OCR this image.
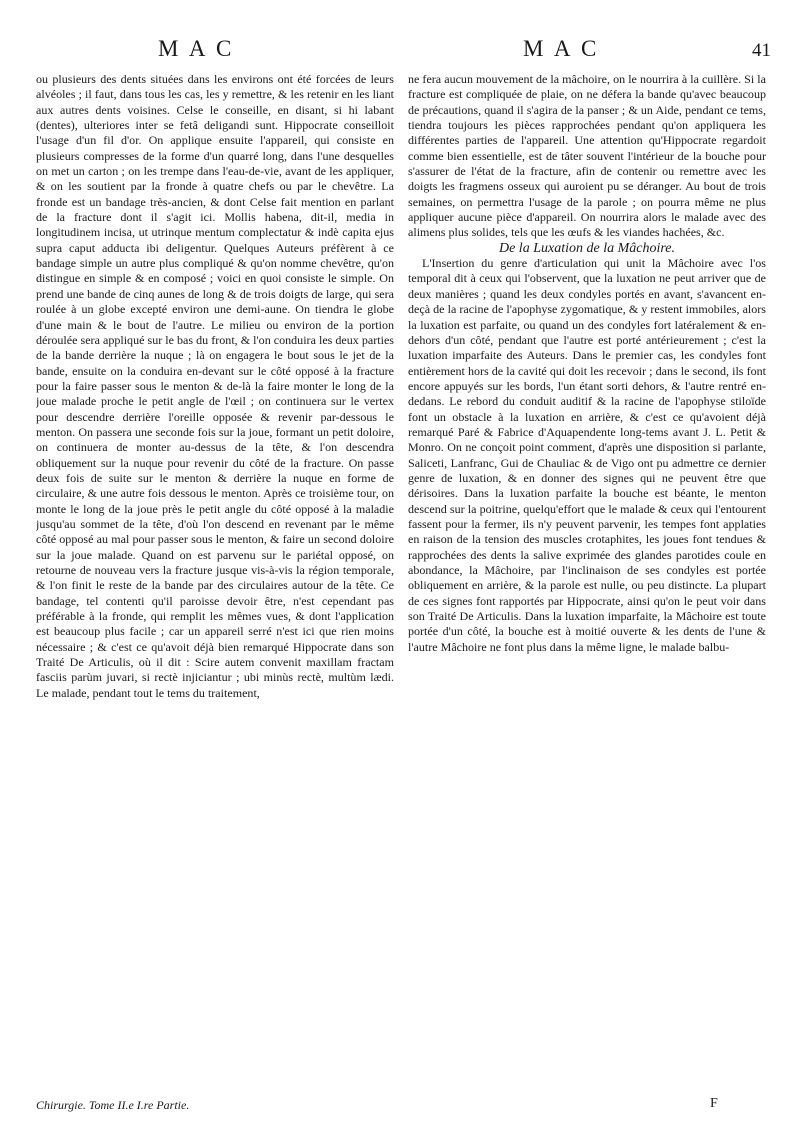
M A C	M A C	41

ou plusieurs des dents situées dans les environs ont été forcées de leurs alvéoles ; il faut, dans tous les cas, les y remettre, & les retenir en les liant aux autres dents voisines. Celse le conseille, en disant, si hi labant (dentes), ulteriores inter se fetâ deligandi sunt. Hippocrate conseilloit l'usage d'un fil d'or. On applique ensuite l'appareil, qui consiste en plusieurs compresses de la forme d'un quarré long, dans l'une desquelles on met un carton ; on les trempe dans l'eau-de-vie, avant de les appliquer, & on les soutient par la fronde à quatre chefs ou par le chevêtre. La fronde est un bandage très-ancien, & dont Celse fait mention en parlant de la fracture dont il s'agit ici. Mollis habena, dit-il, media in longitudinem incisa, ut utrinque mentum complectatur & indè capita ejus supra caput adducta ibi deligentur. Quelques Auteurs préfèrent à ce bandage simple un autre plus compliqué & qu'on nomme chevêtre, qu'on distingue en simple & en composé ; voici en quoi consiste le simple. On prend une bande de cinq aunes de long & de trois doigts de large, qui sera roulée à un globe excepté environ une demi-aune. On tiendra le globe d'une main & le bout de l'autre. Le milieu ou environ de la portion déroulée sera appliqué sur le bas du front, & l'on conduira les deux parties de la bande derrière la nuque ; là on engagera le bout sous le jet de la bande, ensuite on la conduira en-devant sur le côté opposé à la fracture pour la faire passer sous le menton & de-là la faire monter le long de la joue malade proche le petit angle de l'œil ; on continuera sur le vertex pour descendre derrière l'oreille opposée & revenir par-dessous le menton. On passera une seconde fois sur la joue, formant un petit doloire, on continuera de monter au-dessus de la tête, & l'on descendra obliquement sur la nuque pour revenir du côté de la fracture. On passe deux fois de suite sur le menton & derrière la nuque en forme de circulaire, & une autre fois dessous le menton. Après ce troisième tour, on monte le long de la joue près le petit angle du côté opposé à la maladie jusqu'au sommet de la tête, d'où l'on descend en revenant par le même côté opposé au mal pour passer sous le menton, & faire un second doloire sur la joue malade. Quand on est parvenu sur le pariétal opposé, on retourne de nouveau vers la fracture jusque vis-à-vis la région temporale, & l'on finit le reste de la bande par des circulaires autour de la tête. Ce bandage, tel contenti qu'il paroisse devoir être, n'est cependant pas préférable à la fronde, qui remplit les mêmes vues, & dont l'application est beaucoup plus facile ; car un appareil serré n'est ici que rien moins nécessaire ; & c'est ce qu'avoit déjà bien remarqué Hippocrate dans son Traité De Articulis, où il dit : Scire autem convenit maxillam fractam fasciis parùm juvari, si rectè injiciantur ; ubi minùs rectè, multùm lædi. Le malade, pendant tout le tems du traitement,

ne fera aucun mouvement de la mâchoire, on le nourrira à la cuillère. Si la fracture est compliquée de plaie, on ne défera la bande qu'avec beaucoup de précautions, quand il s'agira de la panser ; & un Aide, pendant ce tems, tiendra toujours les pièces rapprochées pendant qu'on appliquera les différentes parties de l'appareil. Une attention qu'Hippocrate regardoit comme bien essentielle, est de tâter souvent l'intérieur de la bouche pour s'assurer de l'état de la fracture, afin de contenir ou remettre avec les doigts les fragmens osseux qui auroient pu se déranger. Au bout de trois semaines, on permettra l'usage de la parole ; on pourra même ne plus appliquer aucune pièce d'appareil. On nourrira alors le malade avec des alimens plus solides, tels que les œufs & les viandes hachées, &c.

De la Luxation de la Mâchoire.

L'Insertion du genre d'articulation qui unit la Mâchoire avec l'os temporal dit à ceux qui l'observent, que la luxation ne peut arriver que de deux manières ; quand les deux condyles portés en avant, s'avancent en-deçà de la racine de l'apophyse zygomatique, & y restent immobiles, alors la luxation est parfaite, ou quand un des condyles fort latéralement & en-dehors d'un côté, pendant que l'autre est porté antérieurement ; c'est la luxation imparfaite des Auteurs. Dans le premier cas, les condyles font entièrement hors de la cavité qui doit les recevoir ; dans le second, ils font encore appuyés sur les bords, l'un étant sorti dehors, & l'autre rentré en-dedans. Le rebord du conduit auditif & la racine de l'apophyse stiloïde font un obstacle à la luxation en arrière, & c'est ce qu'avoient déjà remarqué Paré & Fabrice d'Aquapendente long-tems avant J. L. Petit & Monro. On ne conçoit point comment, d'après une disposition si parlante, Saliceti, Lanfranc, Gui de Chauliac & de Vigo ont pu admettre ce dernier genre de luxation, & en donner des signes qui ne peuvent être que dérisoires. Dans la luxation parfaite la bouche est béante, le menton descend sur la poitrine, quelqu'effort que le malade & ceux qui l'entourent fassent pour la fermer, ils n'y peuvent parvenir, les tempes font applaties en raison de la tension des muscles crotaphites, les joues font tendues & rapprochées des dents la salive exprimée des glandes parotides coule en abondance, la Mâchoire, par l'inclinaison de ses condyles est portée obliquement en arrière, & la parole est nulle, ou peu distincte. La plupart de ces signes font rapportés par Hippocrate, ainsi qu'on le peut voir dans son Traité De Articulis. Dans la luxation imparfaite, la Mâchoire est toute portée d'un côté, la bouche est à moitié ouverte & les dents de l'une & l'autre Mâchoire ne font plus dans la même ligne, le malade balbu-

Chirurgie. Tome II.e I.re Partie.	F
